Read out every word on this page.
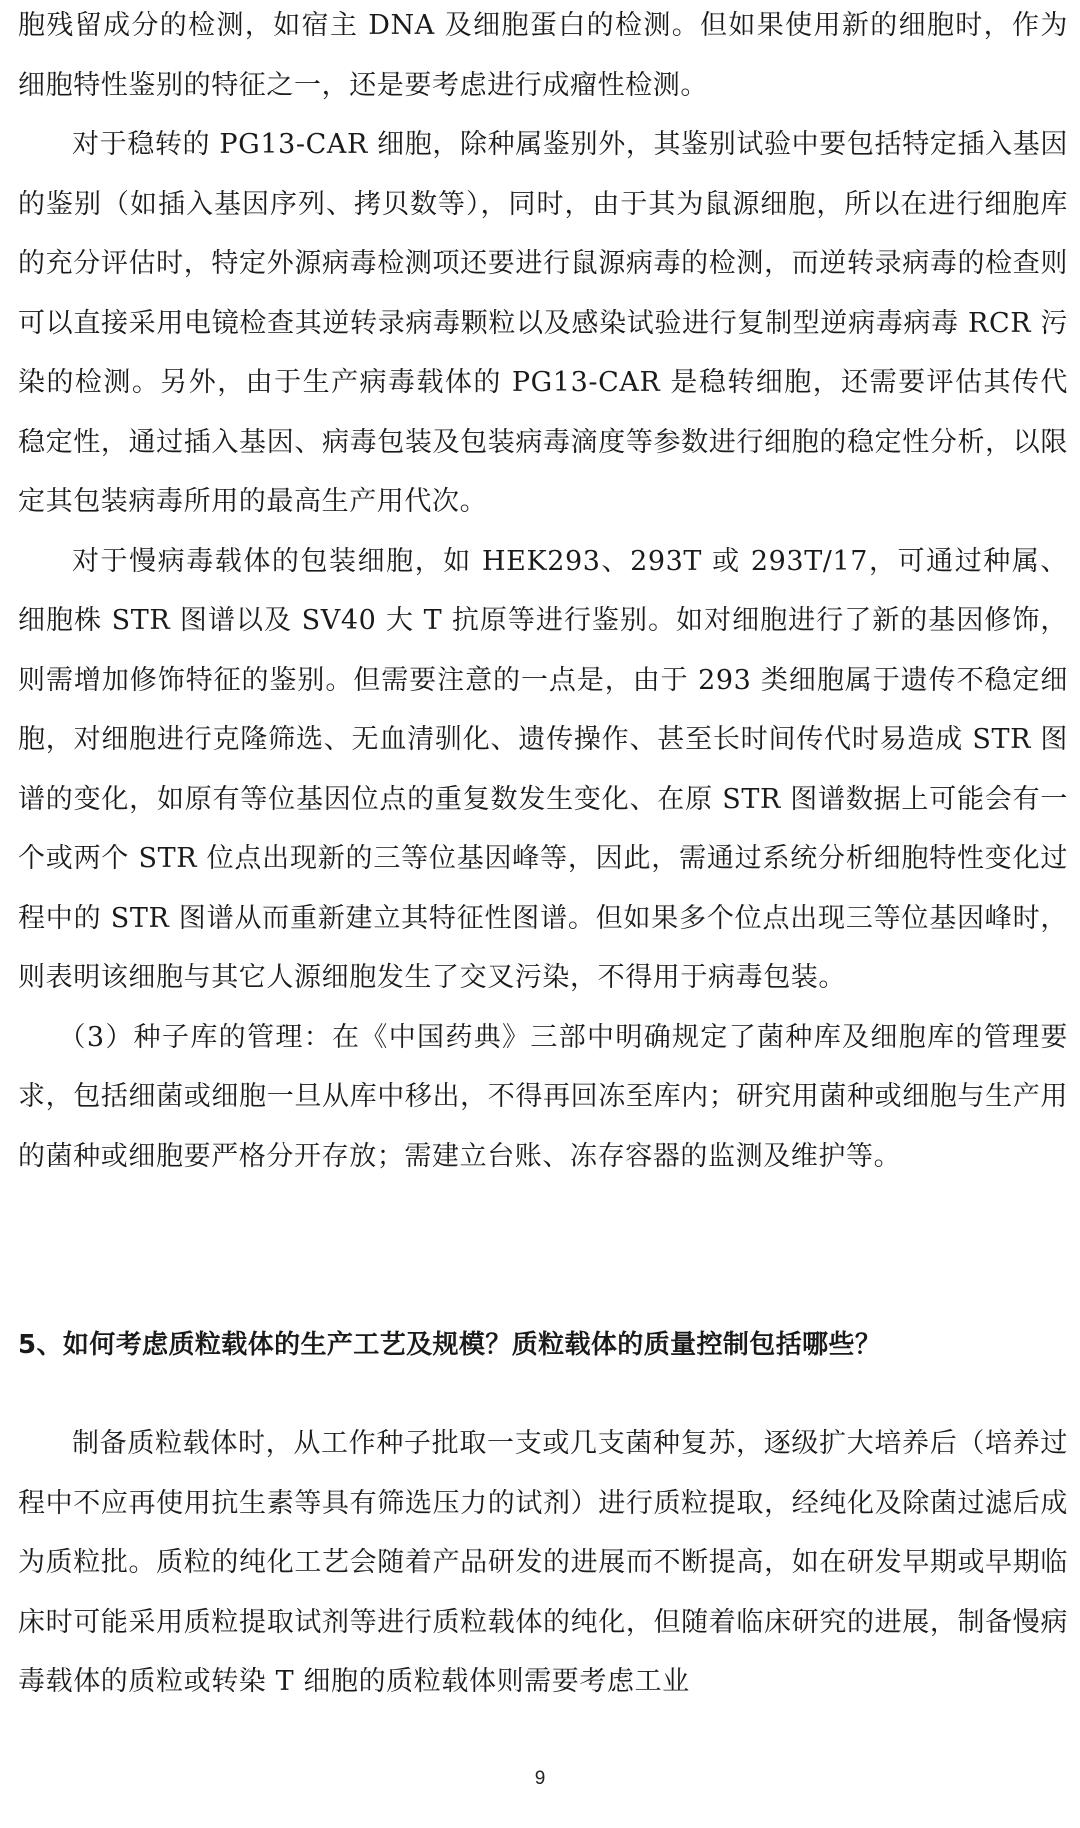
胞残留成分的检测，如宿主 DNA 及细胞蛋白的检测。但如果使用新的细胞时，作为细胞特性鉴别的特征之一，还是要考虑进行成瘤性检测。

对于稳转的 PG13-CAR 细胞，除种属鉴别外，其鉴别试验中要包括特定插入基因的鉴别（如插入基因序列、拷贝数等），同时，由于其为鼠源细胞，所以在进行细胞库的充分评估时，特定外源病毒检测项还要进行鼠源病毒的检测，而逆转录病毒的检查则可以直接采用电镜检查其逆转录病毒颗粒以及感染试验进行复制型逆病毒病毒 RCR 污染的检测。另外，由于生产病毒载体的 PG13-CAR 是稳转细胞，还需要评估其传代稳定性，通过插入基因、病毒包装及包装病毒滴度等参数进行细胞的稳定性分析，以限定其包装病毒所用的最高生产用代次。

对于慢病毒载体的包装细胞，如 HEK293、293T 或 293T/17，可通过种属、细胞株 STR 图谱以及 SV40 大 T 抗原等进行鉴别。如对细胞进行了新的基因修饰，则需增加修饰特征的鉴别。但需要注意的一点是，由于 293 类细胞属于遗传不稳定细胞，对细胞进行克隆筛选、无血清驯化、遗传操作、甚至长时间传代时易造成 STR 图谱的变化，如原有等位基因位点的重复数发生变化、在原 STR 图谱数据上可能会有一个或两个 STR 位点出现新的三等位基因峰等，因此，需通过系统分析细胞特性变化过程中的 STR 图谱从而重新建立其特征性图谱。但如果多个位点出现三等位基因峰时，则表明该细胞与其它人源细胞发生了交叉污染，不得用于病毒包装。

（3）种子库的管理：在《中国药典》三部中明确规定了菌种库及细胞库的管理要求，包括细菌或细胞一旦从库中移出，不得再回冻至库内；研究用菌种或细胞与生产用的菌种或细胞要严格分开存放；需建立台账、冻存容器的监测及维护等。

5、如何考虑质粒载体的生产工艺及规模？质粒载体的质量控制包括哪些？

制备质粒载体时，从工作种子批取一支或几支菌种复苏，逐级扩大培养后（培养过程中不应再使用抗生素等具有筛选压力的试剂）进行质粒提取，经纯化及除菌过滤后成为质粒批。质粒的纯化工艺会随着产品研发的进展而不断提高，如在研发早期或早期临床时可能采用质粒提取试剂等进行质粒载体的纯化，但随着临床研究的进展，制备慢病毒载体的质粒或转染 T 细胞的质粒载体则需要考虑工业

9
